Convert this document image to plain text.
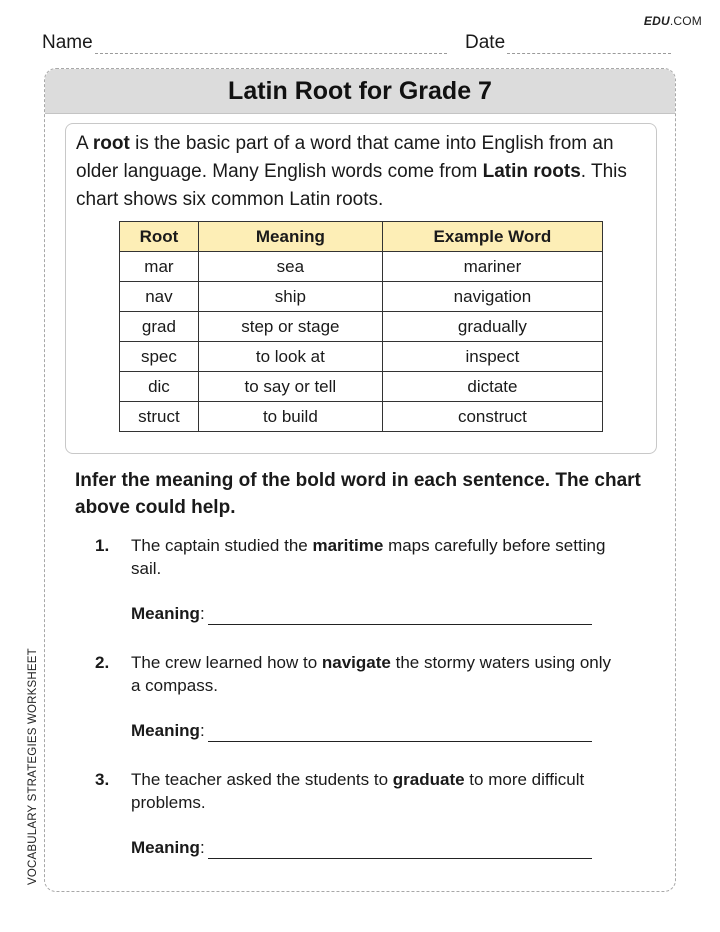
EDU.COM
Name	Date
Latin Root for Grade 7
A root is the basic part of a word that came into English from an older language. Many English words come from Latin roots. This chart shows six common Latin roots.
Root	Meaning	Example Word
mar	sea	mariner
nav	ship	navigation
grad	step or stage	gradually
spec	to look at	inspect
dic	to say or tell	dictate
struct	to build	construct
Infer the meaning of the bold word in each sentence. The chart above could help.
1. The captain studied the maritime maps carefully before setting sail.
Meaning :
2. The crew learned how to navigate the stormy waters using only a compass.
Meaning :
3. The teacher asked the students to graduate to more difficult problems.
Meaning :
VOCABULARY STRATEGIES WORKSHEET
